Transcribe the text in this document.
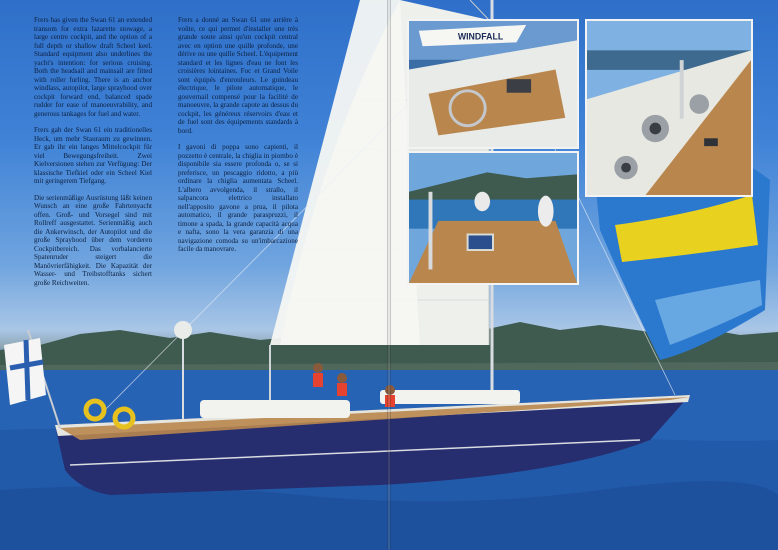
Frers has given the Swan 61 an extended transom for extra lazarette stowage, a large centre cockpit, and the option of a full depth or shallow draft Scheel keel. Standard equipment also underlines the yacht's intention: for serious cruising. Both the headsail and mainsail are fitted with roller furling. There is an anchor windlass, autopilot, large sprayhood over cockpit forward end, balanced spade rudder for ease of manoeuvrability, and generous tankages for fuel and water.

Frers gab der Swan 61 ein traditionelles Heck, um mehr Stauraum zu gewinnen. Er gab ihr ein langes Mittelcockpit für viel Bewegungsfreiheit. Zwei Kielversionen stehen zur Verfügung: Der klassische Tiefkiel oder ein Scheel Kiel mit geringerem Tiefgang.

Die serienmäßige Ausrüstung läßt keinen Wunsch an eine große Fahrtenyacht offen. Groß- und Vorsegel sind mit Rollreff ausgestattet. Serienmäßig auch die Ankerwinsch, der Autopilot und die große Sprayhood über dem vorderen Cockpitbereich. Das vorbalancierte Spatenruder steigert die Manövrierfähigkeit. Die Kapazität der Wasser- und Treibstofftanks sichert große Reichweiten.

Frers a donné au Swan 61 une arrière à voûte, ce qui permet d'installer une très grande soute ainsi qu'un cockpit central avec en option une quille profonde, une dérive ou une quille Scheel. L'équipement standard et les lignes d'eau ne font les croisières lointaines. Foc et Grand Voile sont équipés d'enrouleurs. Le guindeau électrique, le pilote automatique, le gouvernail compensé pour la facilité de manoeuvre, la grande capote au dessus du cockpit, les généreux réservoirs d'eau et de fuel sont des équipements standards à bord.

I gavoni di poppa sono capienti, il pozzetto è centrale, la chiglia in piombo è disponibile sia essere profonda o, se si preferisce, un pescaggio ridotto, a più ordinare la chiglia aumentata Scheel. L'albero avvolgenda, il strallo, il salpancora elettrico installato nell'apposito gavone a prua, il pilota automatico, il grande paraspruzzi, il timone a spada, la grande capacità acqua e nafta, sono la vera garanzia di una navigazione comoda su un'imbarcazione facile da manovrare.

WINDFALL
